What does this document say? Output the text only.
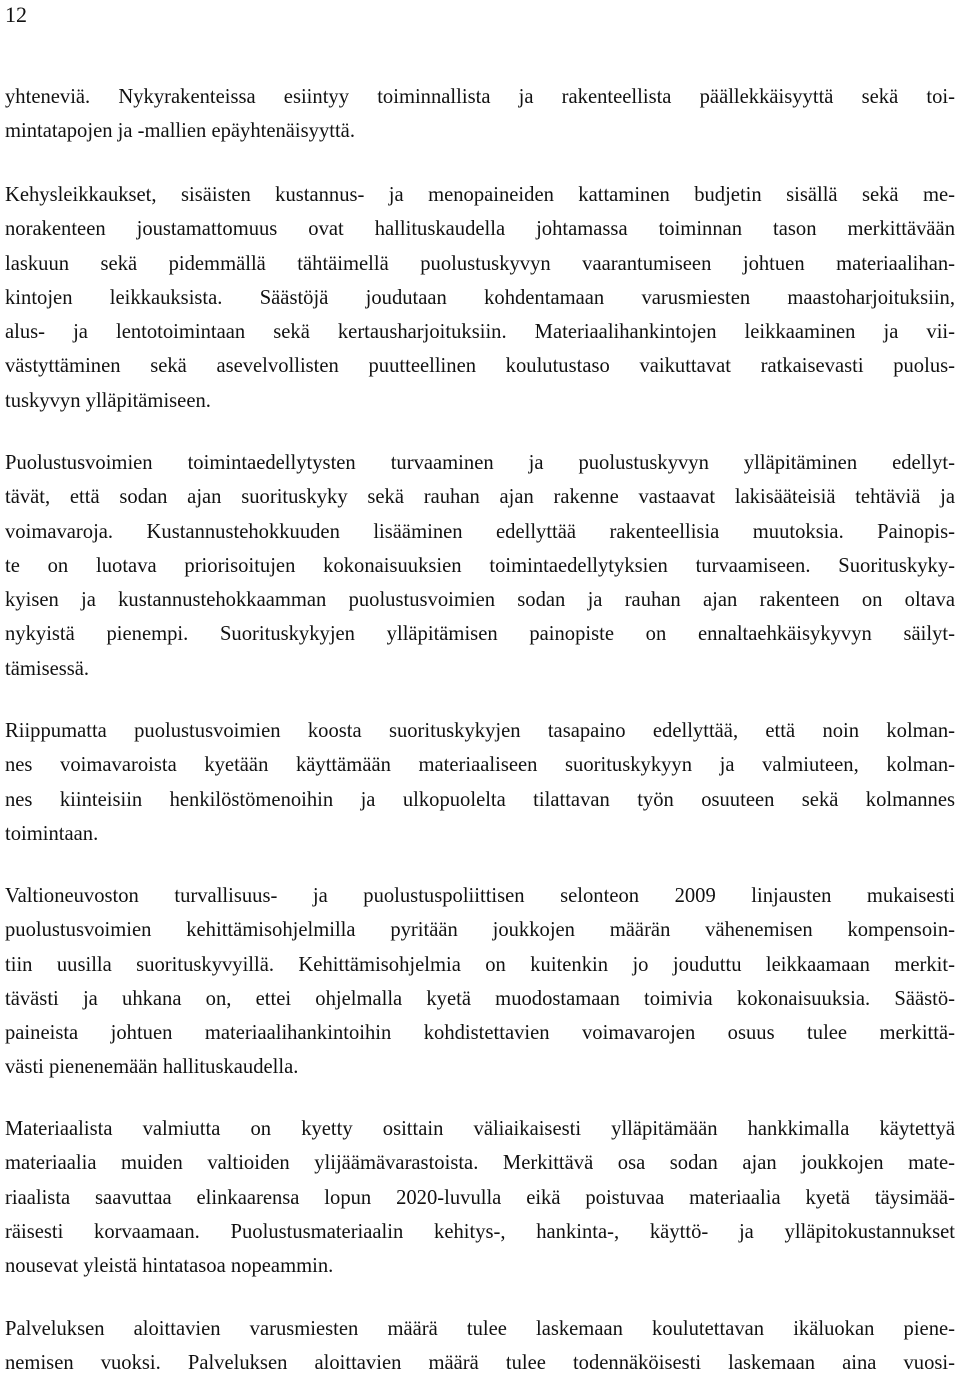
12
yhteneviä. Nykyrakenteissa esiintyy toiminnallista ja rakenteellista päällekkäisyyttä sekä toi-
mintatapojen ja -mallien epäyhtenäisyyttä.
Kehysleikkaukset, sisäisten kustannus- ja menopaineiden kattaminen budjetin sisällä sekä me-
norakenteen joustamattomuus ovat hallituskaudella johtamassa toiminnan tason merkittävään
laskuun sekä pidemmällä tähtäimellä puolustuskyvyn vaarantumiseen johtuen materiaalihan-
kintojen leikkauksista. Säästöjä joudutaan kohdentamaan varusmiesten maastoharjoituksiin,
alus- ja lentotoimintaan sekä kertausharjoituksiin. Materiaalihankintojen leikkaaminen ja vii-
västyttäminen sekä asevelvollisten puutteellinen koulutustaso vaikuttavat ratkaisevasti puolus-
tuskyvyn ylläpitämiseen.
Puolustusvoimien toimintaedellytysten turvaaminen ja puolustuskyvyn ylläpitäminen edellyt-
tävät, että sodan ajan suorituskyky sekä rauhan ajan rakenne vastaavat lakisääteisiä tehtäviä ja
voimavaroja. Kustannustehokkuuden lisääminen edellyttää rakenteellisia muutoksia. Painopis-
te on luotava priorisoitujen kokonaisuuksien toimintaedellytyksien turvaamiseen. Suorituskyky-
kyisen ja kustannustehokkaamman puolustusvoimien sodan ja rauhan ajan rakenteen on oltava
nykyistä pienempi. Suorituskykyjen ylläpitämisen painopiste on ennaltaehkäisykyvyn säilyt-
tämisessä.
Riippumatta puolustusvoimien koosta suorituskykyjen tasapaino edellyttää, että noin kolman-
nes voimavaroista kyetään käyttämään materiaaliseen suorituskykyyn ja valmiuteen, kolman-
nes kiinteisiin henkilöstömenoihin ja ulkopuolelta tilattavan työn osuuteen sekä kolmannes
toimintaan.
Valtioneuvoston turvallisuus- ja puolustuspoliittisen selonteon 2009 linjausten mukaisesti
puolustusvoimien kehittämisohjelmilla pyritään joukkojen määrän vähenemisen kompensoin-
tiin uusilla suorituskyvyillä. Kehittämisohjelmia on kuitenkin jo jouduttu leikkaamaan merkit-
tävästi ja uhkana on, ettei ohjelmalla kyetä muodostamaan toimivia kokonaisuuksia. Säästö-
paineista johtuen materiaalihankintoihin kohdistettavien voimavarojen osuus tulee merkittä-
västi pienenemään hallituskaudella.
Materiaalista valmiutta on kyetty osittain väliaikaisesti ylläpitämään hankkimalla käytettyä
materiaalia muiden valtioiden ylijäämävarastoista. Merkittävä osa sodan ajan joukkojen mate-
riaalista saavuttaa elinkaarensa lopun 2020-luvulla eikä poistuvaa materiaalia kyetä täysimää-
räisesti korvaamaan. Puolustusmateriaalin kehitys-, hankinta-, käyttö- ja ylläpitokustannukset
nousevat yleistä hintatasoa nopeammin.
Palveluksen aloittavien varusmiesten määrä tulee laskemaan koulutettavan ikäluokan piene-
nemisen vuoksi. Palveluksen aloittavien määrä tulee todennäköisesti laskemaan aina vuosi-
